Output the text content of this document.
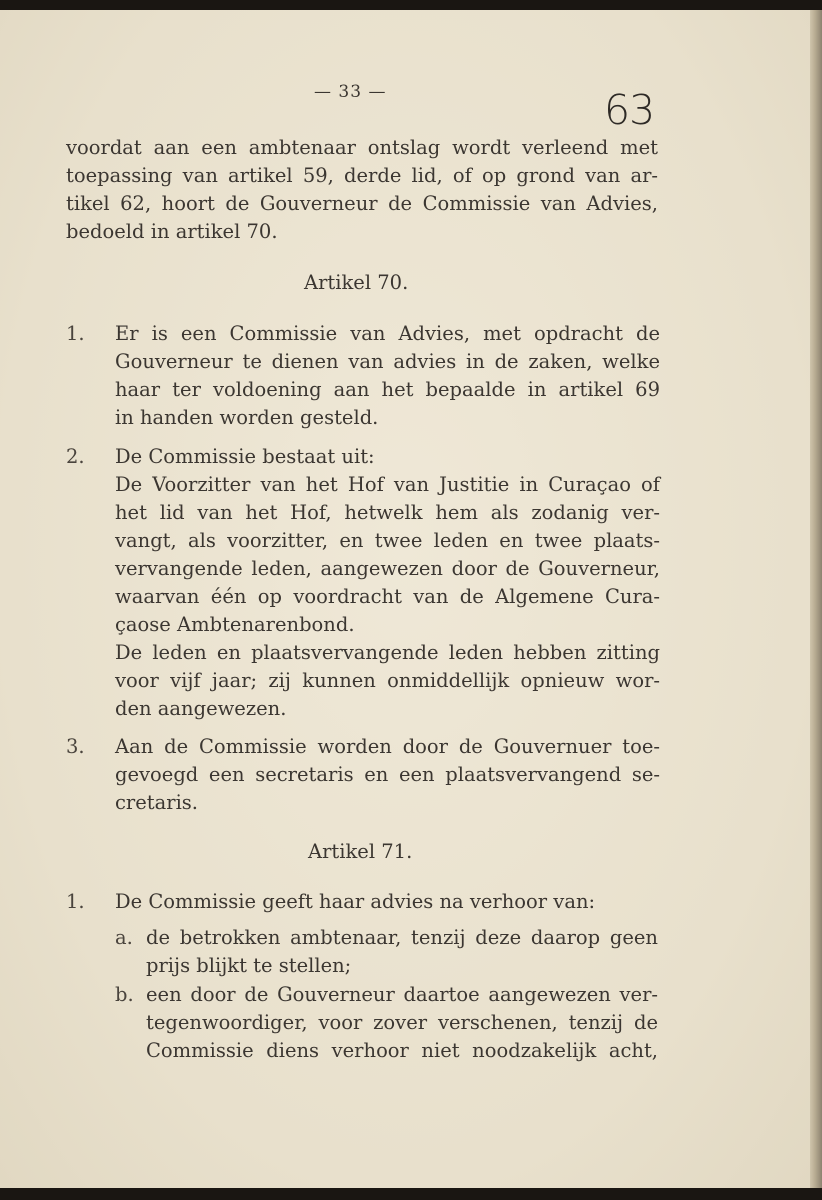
— 33 —	63
voordat aan een ambtenaar ontslag wordt verleend met
toepassing van artikel 59, derde lid, of op grond van ar-
tikel 62, hoort de Gouverneur de Commissie van Advies,
bedoeld in artikel 70.
Artikel 70.
1. Er is een Commissie van Advies, met opdracht de
Gouverneur te dienen van advies in de zaken, welke
haar ter voldoening aan het bepaalde in artikel 69
in handen worden gesteld.
2. De Commissie bestaat uit:
De Voorzitter van het Hof van Justitie in Curaçao of
het lid van het Hof, hetwelk hem als zodanig ver-
vangt, als voorzitter, en twee leden en twee plaats-
vervangende leden, aangewezen door de Gouverneur,
waarvan één op voordracht van de Algemene Cura-
çaose Ambtenarenbond.
De leden en plaatsvervangende leden hebben zitting
voor vijf jaar; zij kunnen onmiddellijk opnieuw wor-
den aangewezen.
3. Aan de Commissie worden door de Gouvernuer toe-
gevoegd een secretaris en een plaatsvervangend se-
cretaris.
Artikel 71.
1. De Commissie geeft haar advies na verhoor van:
a. de betrokken ambtenaar, tenzij deze daarop geen
prijs blijkt te stellen;
b. een door de Gouverneur daartoe aangewezen ver-
tegenwoordiger, voor zover verschenen, tenzij de
Commissie diens verhoor niet noodzakelijk acht,
